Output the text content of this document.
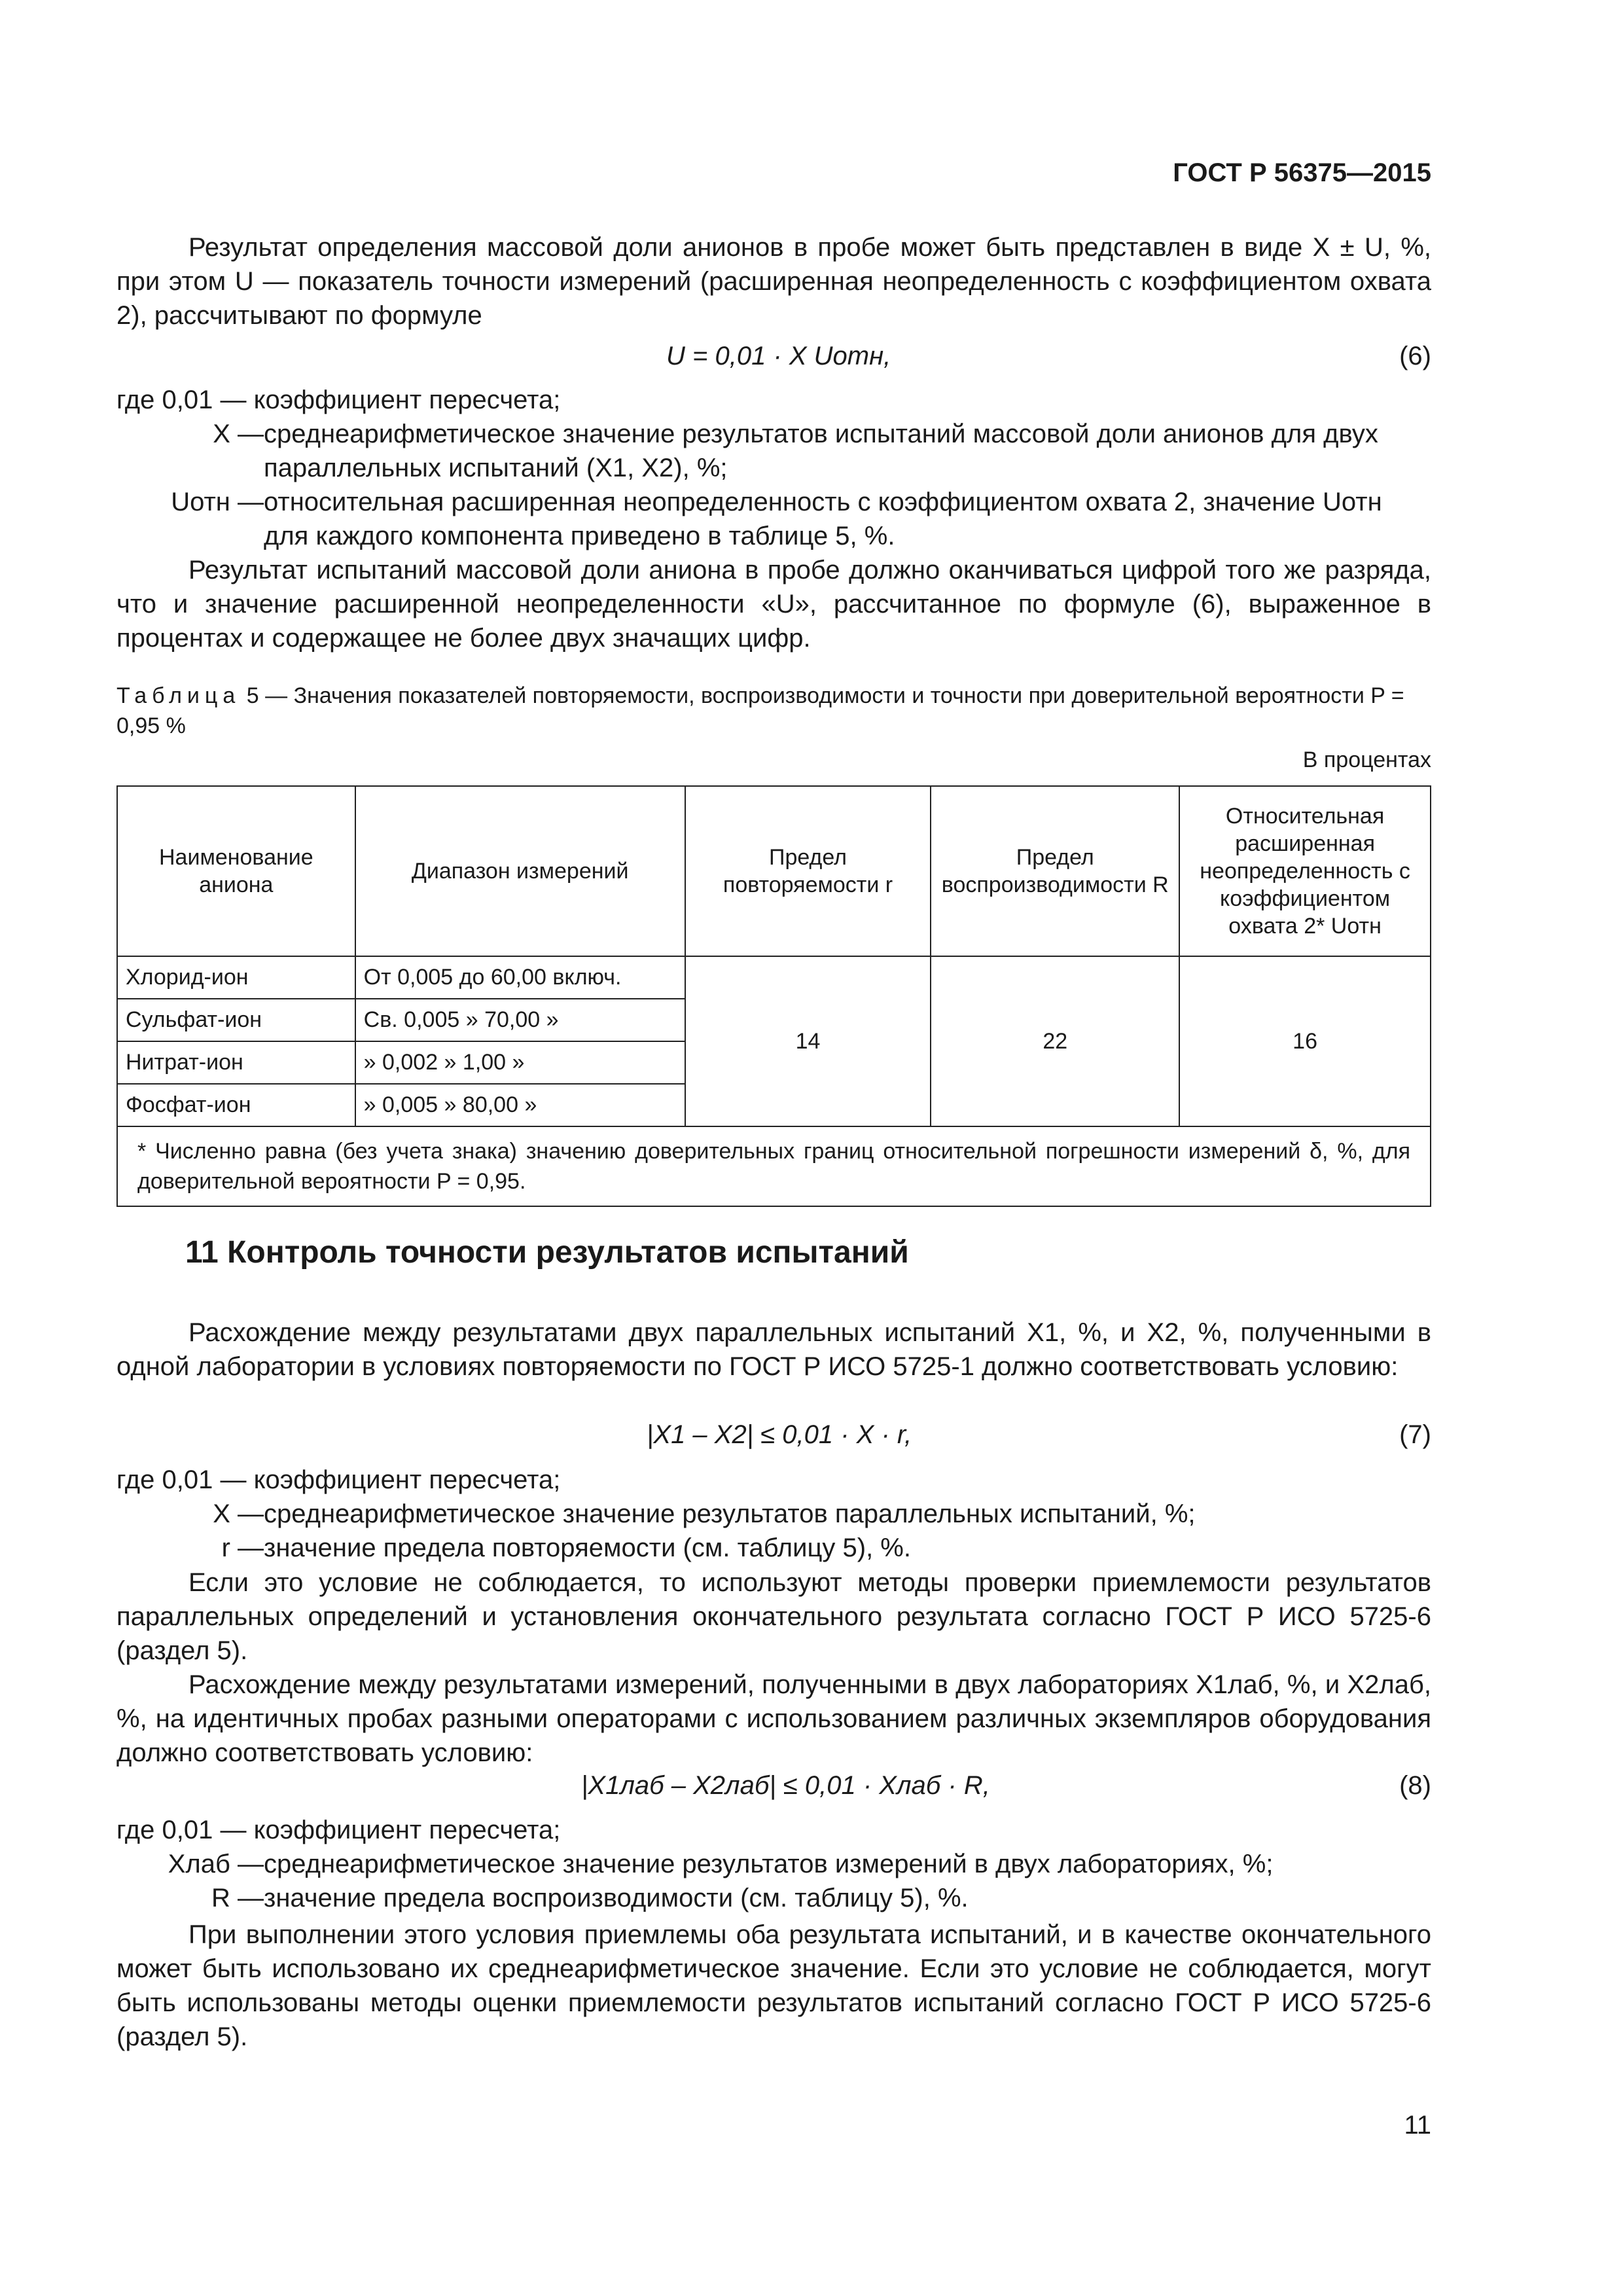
ГОСТ Р 56375—2015

Результат определения массовой доли анионов в пробе может быть представлен в виде X ± U, %, при этом U — показатель точности измерений (расширенная неопределенность с коэффициентом охвата 2), рассчитывают по формуле

U = 0,01 · X Uотн,	(6)

где 0,01 — коэффициент пересчета;

X — среднеарифметическое значение результатов испытаний массовой доли анионов для двух параллельных испытаний (X1, X2), %;

Uотн — относительная расширенная неопределенность с коэффициентом охвата 2, значение Uотн для каждого компонента приведено в таблице 5, %.

Результат испытаний массовой доли аниона в пробе должно оканчиваться цифрой того же разряда, что и значение расширенной неопределенности «U», рассчитанное по формуле (6), выраженное в процентах и содержащее не более двух значащих цифр.

Таблица 5 — Значения показателей повторяемости, воспроизводимости и точности при доверительной вероятности P = 0,95 %
В процентах
Наименование аниона	Диапазон измерений	Предел повторяемости r	Предел воспроизводимости R	Относительная расширенная неопределенность с коэффициентом охвата 2* Uотн
Хлорид-ион	От 0,005 до 60,00 включ.	14	22	16
Сульфат-ион	Св. 0,005 » 70,00 »			
Нитрат-ион	» 0,002 » 1,00 »			
Фосфат-ион	» 0,005 » 80,00 »			
* Численно равна (без учета знака) значению доверительных границ относительной погрешности измерений δ, %, для доверительной вероятности P = 0,95.				
11 Контроль точности результатов испытаний

Расхождение между результатами двух параллельных испытаний X1, %, и X2, %, полученными в одной лаборатории в условиях повторяемости по ГОСТ Р ИСО 5725-1 должно соответствовать условию:

|X1 – X2| ≤ 0,01 · X · r,	(7)

где 0,01 — коэффициент пересчета;

X — среднеарифметическое значение результатов параллельных испытаний, %;

r — значение предела повторяемости (см. таблицу 5), %.

Если это условие не соблюдается, то используют методы проверки приемлемости результатов параллельных определений и установления окончательного результата согласно ГОСТ Р ИСО 5725-6 (раздел 5).

Расхождение между результатами измерений, полученными в двух лабораториях X1лаб, %, и X2лаб, %, на идентичных пробах разными операторами с использованием различных экземпляров оборудования должно соответствовать условию:

|X1лаб – X2лаб| ≤ 0,01 · Xлаб · R,	(8)

где 0,01 — коэффициент пересчета;

Xлаб — среднеарифметическое значение результатов измерений в двух лабораториях, %;

R — значение предела воспроизводимости (см. таблицу 5), %.

При выполнении этого условия приемлемы оба результата испытаний, и в качестве окончательного может быть использовано их среднеарифметическое значение. Если это условие не соблюдается, могут быть использованы методы оценки приемлемости результатов испытаний согласно ГОСТ Р ИСО 5725-6 (раздел 5).

11
